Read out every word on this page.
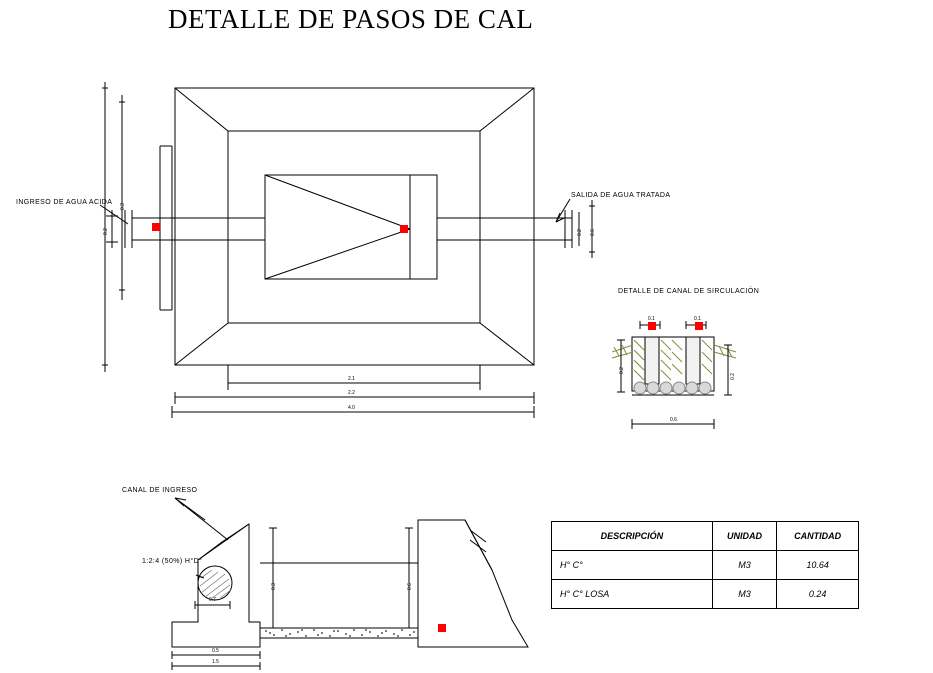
DETALLE DE PASOS DE CAL
INGRESO DE AGUA ACIDA
SALIDA DE AGUA TRATADA
DETALLE DE CANAL DE SIRCULACIÓN
CANAL DE INGRESO
1:2:4 (50%) H°D°
2.1
2.2
4.0
0.2
0.3
0.2 0.6
0.1	0.1
0.2
0.2
0.6
0.3
0.7
0.6
0.5
1.5
DESCRIPCIÓN	UNIDAD	CANTIDAD
H° C°	M3	10.64
H° C° LOSA	M3	0.24
